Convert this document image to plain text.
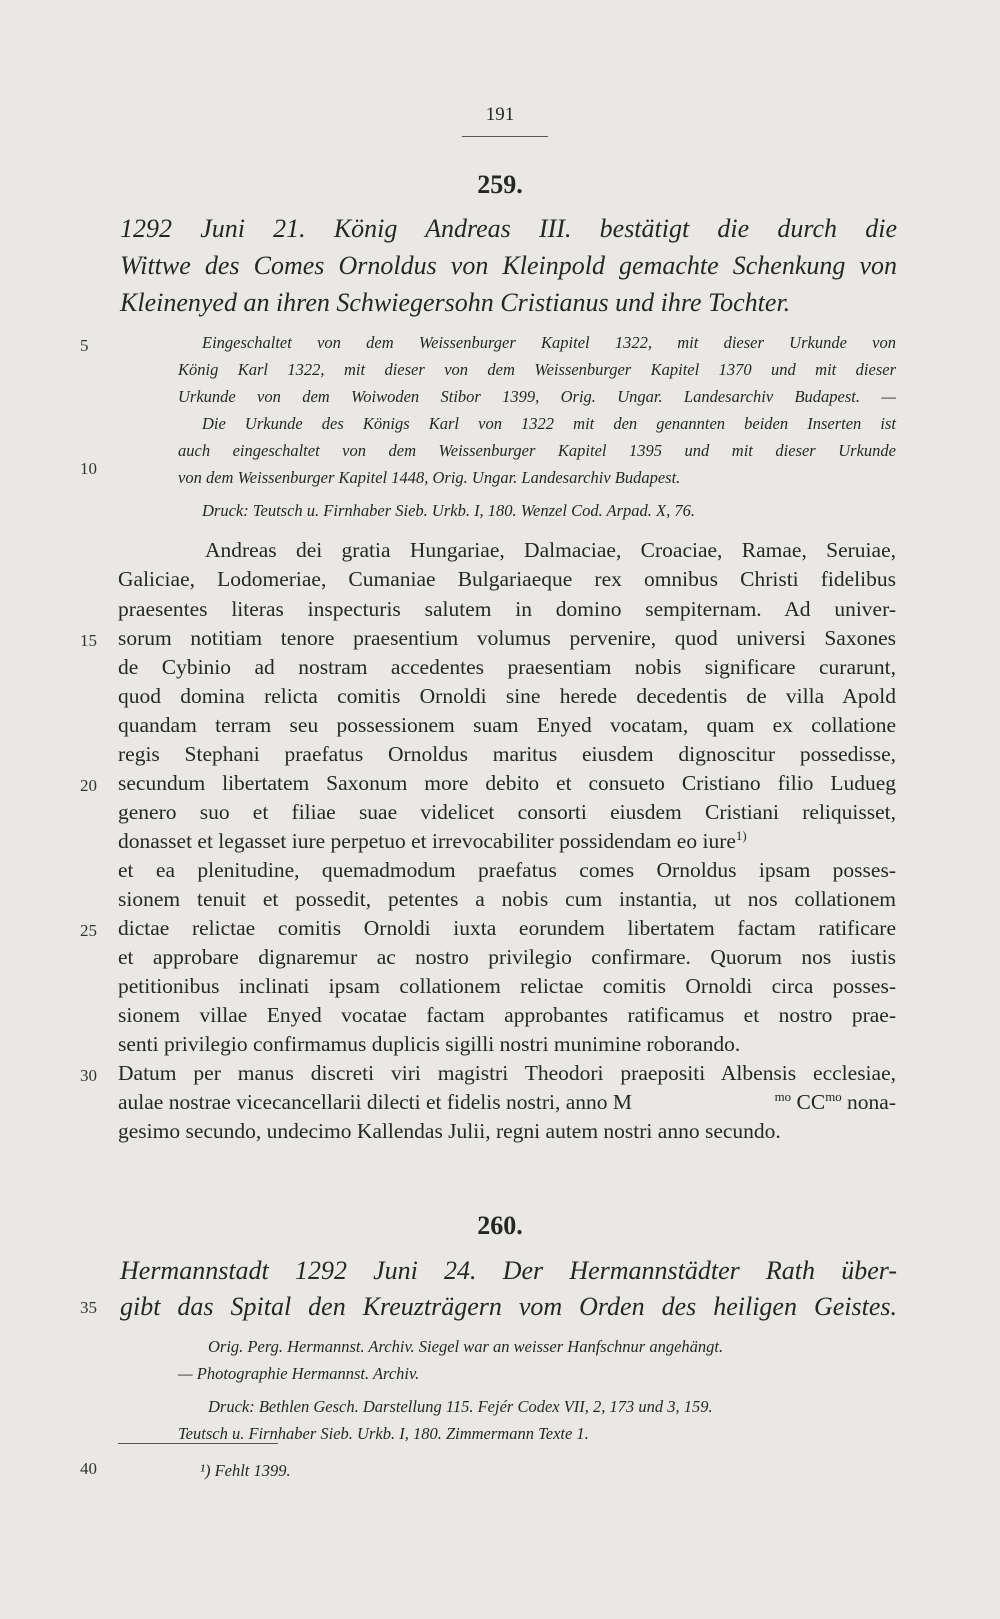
191
259.
1292 Juni 21. König Andreas III. bestätigt die durch die
Wittwe des Comes Ornoldus von Kleinpold gemachte Schenkung von
Kleinenyed an ihren Schwiegersohn Cristianus und ihre Tochter.
Eingeschaltet von dem Weissenburger Kapitel 1322, mit dieser Urkunde von
König Karl 1322, mit dieser von dem Weissenburger Kapitel 1370 und mit dieser
Urkunde von dem Woiwoden Stibor 1399, Orig. Ungar. Landesarchiv Budapest. —
Die Urkunde des Königs Karl von 1322 mit den genannten beiden Inserten ist
auch eingeschaltet von dem Weissenburger Kapitel 1395 und mit dieser Urkunde
von dem Weissenburger Kapitel 1448, Orig. Ungar. Landesarchiv Budapest.
Druck: Teutsch u. Firnhaber Sieb. Urkb. I, 180. Wenzel Cod. Arpad. X, 76.
Andreas dei gratia Hungariae, Dalmaciae, Croaciae, Ramae, Seruiae,
Galiciae, Lodomeriae, Cumaniae Bulgariaeque rex omnibus Christi fidelibus
praesentes literas inspecturis salutem in domino sempiternam. Ad univer-
sorum notitiam tenore praesentium volumus pervenire, quod universi Saxones
de Cybinio ad nostram accedentes praesentiam nobis significare curarunt,
quod domina relicta comitis Ornoldi sine herede decedentis de villa Apold
quandam terram seu possessionem suam Enyed vocatam, quam ex collatione
regis Stephani praefatus Ornoldus maritus eiusdem dignoscitur possedisse,
secundum libertatem Saxonum more debito et consueto Cristiano filio Ludueg
genero suo et filiae suae videlicet consorti eiusdem Cristiani reliquisset,
donasset et legasset iure perpetuo et irrevocabiliter possidendam eo iure$^{1)}$
et ea plenitudine, quemadmodum praefatus comes Ornoldus ipsam posses-
sionem tenuit et possedit, petentes a nobis cum instantia, ut nos collationem
dictae relictae comitis Ornoldi iuxta eorundem libertatem factam ratificare
et approbare dignaremur ac nostro privilegio confirmare. Quorum nos iustis
petitionibus inclinati ipsam collationem relictae comitis Ornoldi circa posses-
sionem villae Enyed vocatae factam approbantes ratificamus et nostro prae-
senti privilegio confirmamus duplicis sigilli nostri munimine roborando.
Datum per manus discreti viri magistri Theodori praepositi Albensis ecclesiae,
aulae nostrae vicecancellarii dilecti et fidelis nostri, anno M	$^{mo}$ $CC^{mo}$ nona-
gesimo secundo, undecimo Kallendas Julii, regni autem nostri anno secundo.
260.
Hermannstadt 1292 Juni 24. Der Hermannstädter Rath über-
gibt das Spital den Kreuzträgern vom Orden des heiligen Geistes.
Orig. Perg. Hermannst. Archiv. Siegel war an weisser Hanfschnur angehängt.
— Photographie Hermannst. Archiv.
Druck: Bethlen Gesch. Darstellung 115. Fejér Codex VII, 2, 173 und 3, 159.
Teutsch u. Firnhaber Sieb. Urkb. I, 180. Zimmermann Texte 1.
¹) Fehlt 1399.
5
10
15
20
25
30
35
40
